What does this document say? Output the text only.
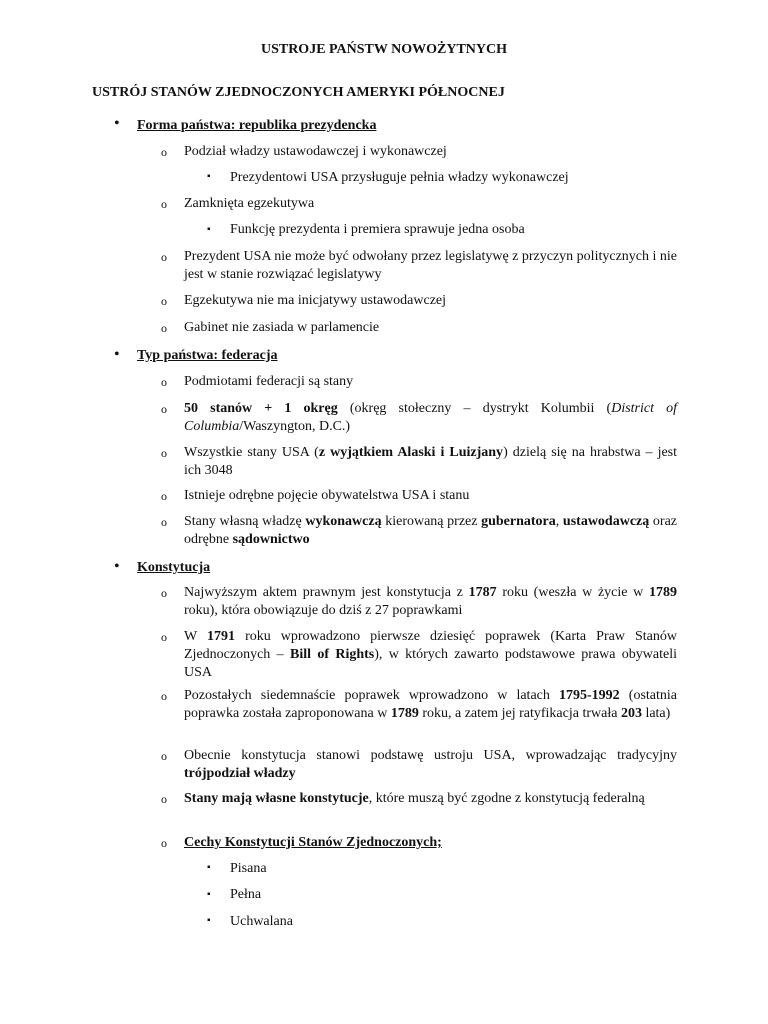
USTROJE PAŃSTW NOWOŻYTNYCH
USTRÓJ STANÓW ZJEDNOCZONYCH AMERYKI PÓŁNOCNEJ
• Forma państwa: republika prezydencka
o Podział władzy ustawodawczej i wykonawczej
▪ Prezydentowi USA przysługuje pełnia władzy wykonawczej
o Zamknięta egzekutywa
▪ Funkcję prezydenta i premiera sprawuje jedna osoba
o Prezydent USA nie może być odwołany przez legislatywę z przyczyn politycznych i nie jest w stanie rozwiązać legislatywy
o Egzekutywa nie ma inicjatywy ustawodawczej
o Gabinet nie zasiada w parlamencie
• Typ państwa: federacja
o Podmiotami federacji są stany
o 50 stanów + 1 okręg (okręg stołeczny – dystrykt Kolumbii (District of Columbia/Waszyngton, D.C.)
o Wszystkie stany USA (z wyjątkiem Alaski i Luizjany) dzielą się na hrabstwa – jest ich 3048
o Istnieje odrębne pojęcie obywatelstwa USA i stanu
o Stany własną władzę wykonawczą kierowaną przez gubernatora, ustawodawczą oraz odrębne sądownictwo
• Konstytucja
o Najwyższym aktem prawnym jest konstytucja z 1787 roku (weszła w życie w 1789 roku), która obowiązuje do dziś z 27 poprawkami
o W 1791 roku wprowadzono pierwsze dziesięć poprawek (Karta Praw Stanów Zjednoczonych – Bill of Rights), w których zawarto podstawowe prawa obywateli USA
o Pozostałych siedemnaście poprawek wprowadzono w latach 1795-1992 (ostatnia poprawka została zaproponowana w 1789 roku, a zatem jej ratyfikacja trwała 203 lata)
o Obecnie konstytucja stanowi podstawę ustroju USA, wprowadzając tradycyjny trójpodział władzy
o Stany mają własne konstytucje, które muszą być zgodne z konstytucją federalną
o Cechy Konstytucji Stanów Zjednoczonych;
▪ Pisana
▪ Pełna
▪ Uchwalana
